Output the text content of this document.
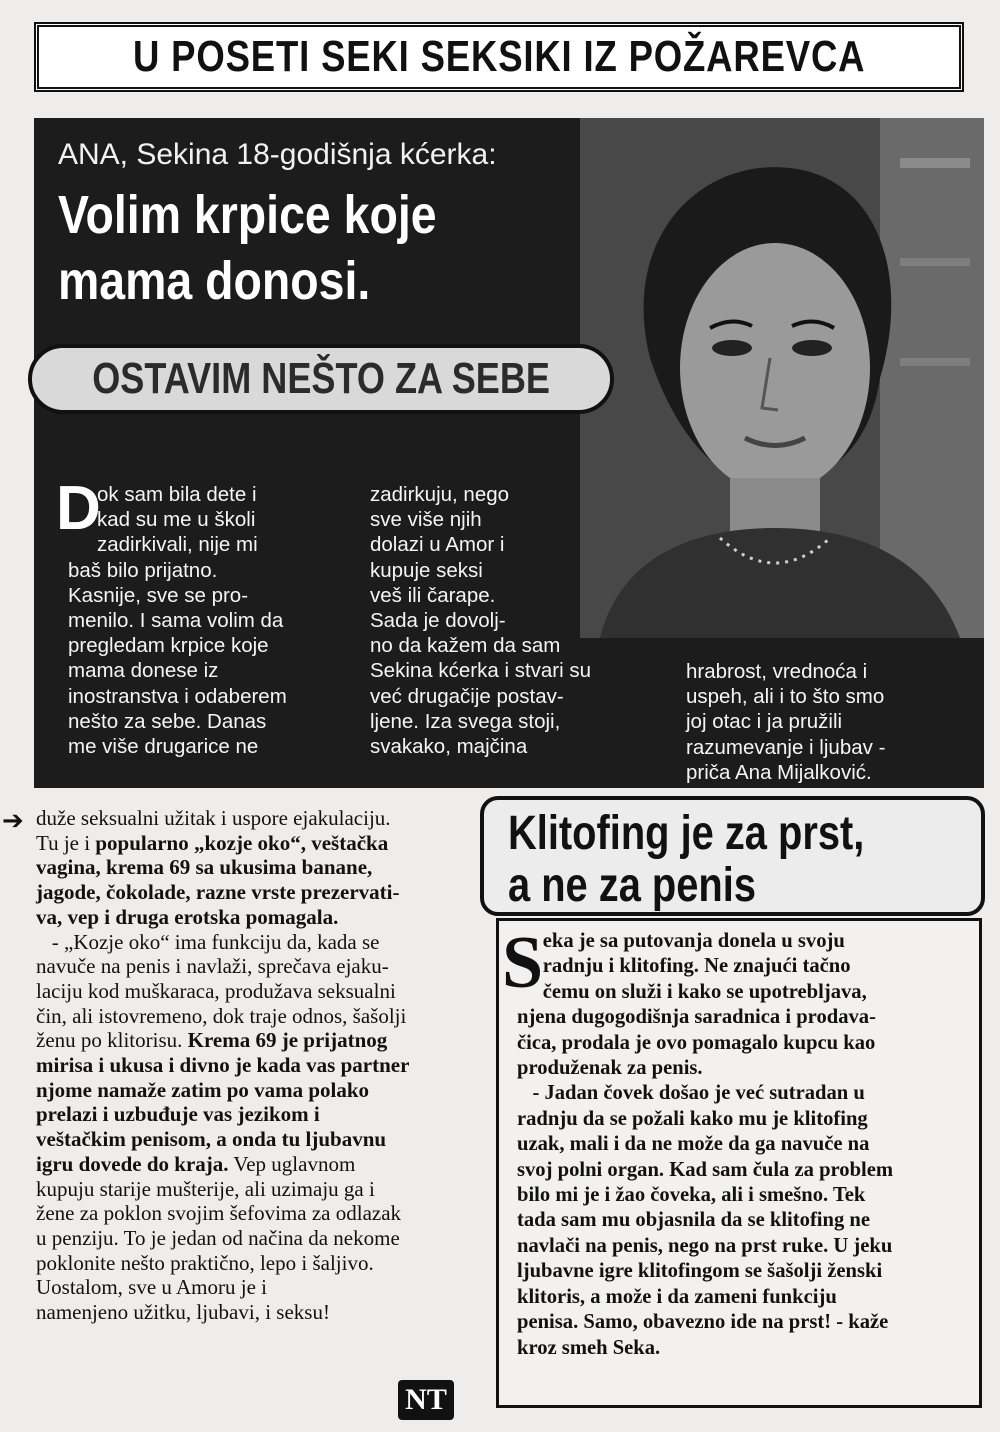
U POSETI SEKI SEKSIKI IZ POŽAREVCA
ANA, Sekina 18-godišnja kćerka:
Volim krpice koje
mama donosi.
OSTAVIM NEŠTO ZA SEBE
D
ok sam bila dete i
kad su me u školi
zadirkivali, nije mi
baš bilo prijatno.
Kasnije, sve se pro-
menilo. I sama volim da
pregledam krpice koje
mama donese iz
inostranstva i odaberem
nešto za sebe. Danas
me više drugarice ne
zadirkuju, nego
sve više njih
dolazi u Amor i
kupuje seksi
veš ili čarape.
Sada je dovolj-
no da kažem da sam
Sekina kćerka i stvari su
već drugačije postav-
ljene. Iza svega stoji,
svakako, majčina
hrabrost, vrednoća i
uspeh, ali i to što smo
joj otac i ja pružili
razumevanje i ljubav -
priča Ana Mijalković.
➔ duže seksualni užitak i uspore ejakulaciju.
Tu je i popularno „kozje oko“, veštačka
vagina, krema 69 sa ukusima banane,
jagode, čokolade, razne vrste prezervati-
va, vep i druga erotska pomagala.
- „Kozje oko“ ima funkciju da, kada se
navuče na penis i navlaži, sprečava ejaku-
laciju kod muškaraca, produžava seksualni
čin, ali istovremeno, dok traje odnos, šašolji
ženu po klitorisu. Krema 69 je prijatnog
mirisa i ukusa i divno je kada vas partner
njome namaže zatim po vama polako
prelazi i uzbuđuje vas jezikom i
veštačkim penisom, a onda tu ljubavnu
igru dovede do kraja. Vep uglavnom
kupuju starije mušterije, ali uzimaju ga i
žene za poklon svojim šefovima za odlazak
u penziju. To je jedan od načina da nekome
poklonite nešto praktično, lepo i šaljivo.
Uostalom, sve u Amoru je i
namenjeno užitku, ljubavi, i seksu!
NT
Klitofing je za prst,
a ne za penis
eka je sa putovanja donela u svoju
radnju i klitofing. Ne znajući tačno
čemu on služi i kako se upotrebljava,
njena dugogodišnja saradnica i prodava-
čica, prodala je ovo pomagalo kupcu kao
produženak za penis.
- Jadan čovek došao je već sutradan u
radnju da se požali kako mu je klitofing
uzak, mali i da ne može da ga navuče na
svoj polni organ. Kad sam čula za problem
bilo mi je i žao čoveka, ali i smešno. Tek
tada sam mu objasnila da se klitofing ne
navlači na penis, nego na prst ruke. U jeku
ljubavne igre klitofingom se šašolji ženski
klitoris, a može i da zameni funkciju
penisa. Samo, obavezno ide na prst! - kaže
kroz smeh Seka.
S
